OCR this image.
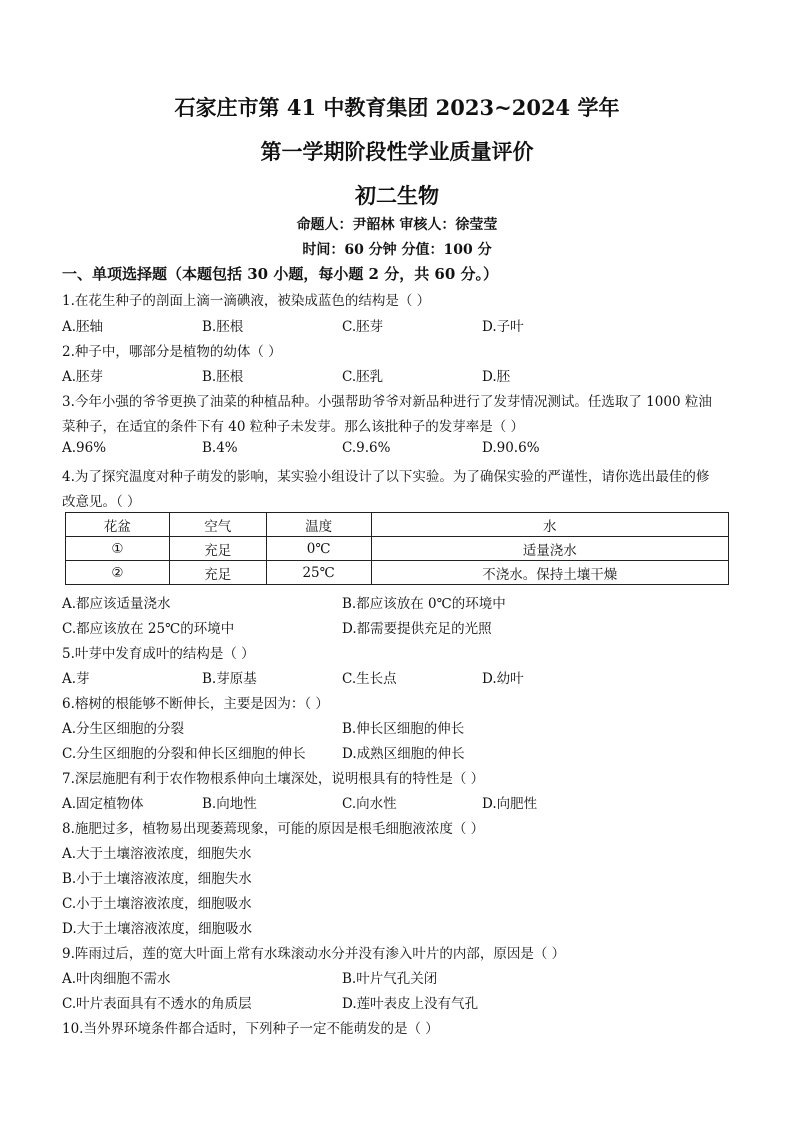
石家庄市第 41 中教育集团 2023~2024 学年
第一学期阶段性学业质量评价
初二生物
命题人：尹韶林 审核人：徐莹莹
时间：60 分钟 分值：100 分
一、单项选择题（本题包括 30 小题，每小题 2 分，共 60 分。）
1.在花生种子的剖面上滴一滴碘液，被染成蓝色的结构是（ ）
A.胚轴	B.胚根	C.胚芽	D.子叶
2.种子中，哪部分是植物的幼体（ ）
A.胚芽	B.胚根	C.胚乳	D.胚
3.今年小强的爷爷更换了油菜的种植品种。小强帮助爷爷对新品种进行了发芽情况测试。任选取了 1000 粒油
菜种子，在适宜的条件下有 40 粒种子未发芽。那么该批种子的发芽率是（ ）
A.96%	B.4%	C.9.6%	D.90.6%
4.为了探究温度对种子萌发的影响，某实验小组设计了以下实验。为了确保实验的严谨性，请你选出最佳的修
改意见。（ ）
花盆	空气	温度	水
①	充足	0℃	适量浇水
②	充足	25℃	不浇水。保持土壤干燥
A.都应该适量浇水	B.都应该放在 0℃的环境中
C.都应该放在 25℃的环境中	D.都需要提供充足的光照
5.叶芽中发育成叶的结构是（ ）
A.芽	B.芽原基	C.生长点	D.幼叶
6.榕树的根能够不断伸长，主要是因为：（ ）
A.分生区细胞的分裂	B.伸长区细胞的伸长
C.分生区细胞的分裂和伸长区细胞的伸长	D.成熟区细胞的伸长
7.深层施肥有利于农作物根系伸向土壤深处，说明根具有的特性是（ ）
A.固定植物体	B.向地性	C.向水性	D.向肥性
8.施肥过多，植物易出现萎蔫现象，可能的原因是根毛细胞液浓度（ ）
A.大于土壤溶液浓度，细胞失水
B.小于土壤溶液浓度，细胞失水
C.小于土壤溶液浓度，细胞吸水
D.大于土壤溶液浓度，细胞吸水
9.阵雨过后，莲的宽大叶面上常有水珠滚动水分并没有渗入叶片的内部，原因是（ ）
A.叶肉细胞不需水	B.叶片气孔关闭
C.叶片表面具有不透水的角质层	D.莲叶表皮上没有气孔
10.当外界环境条件都合适时，下列种子一定不能萌发的是（ ）
